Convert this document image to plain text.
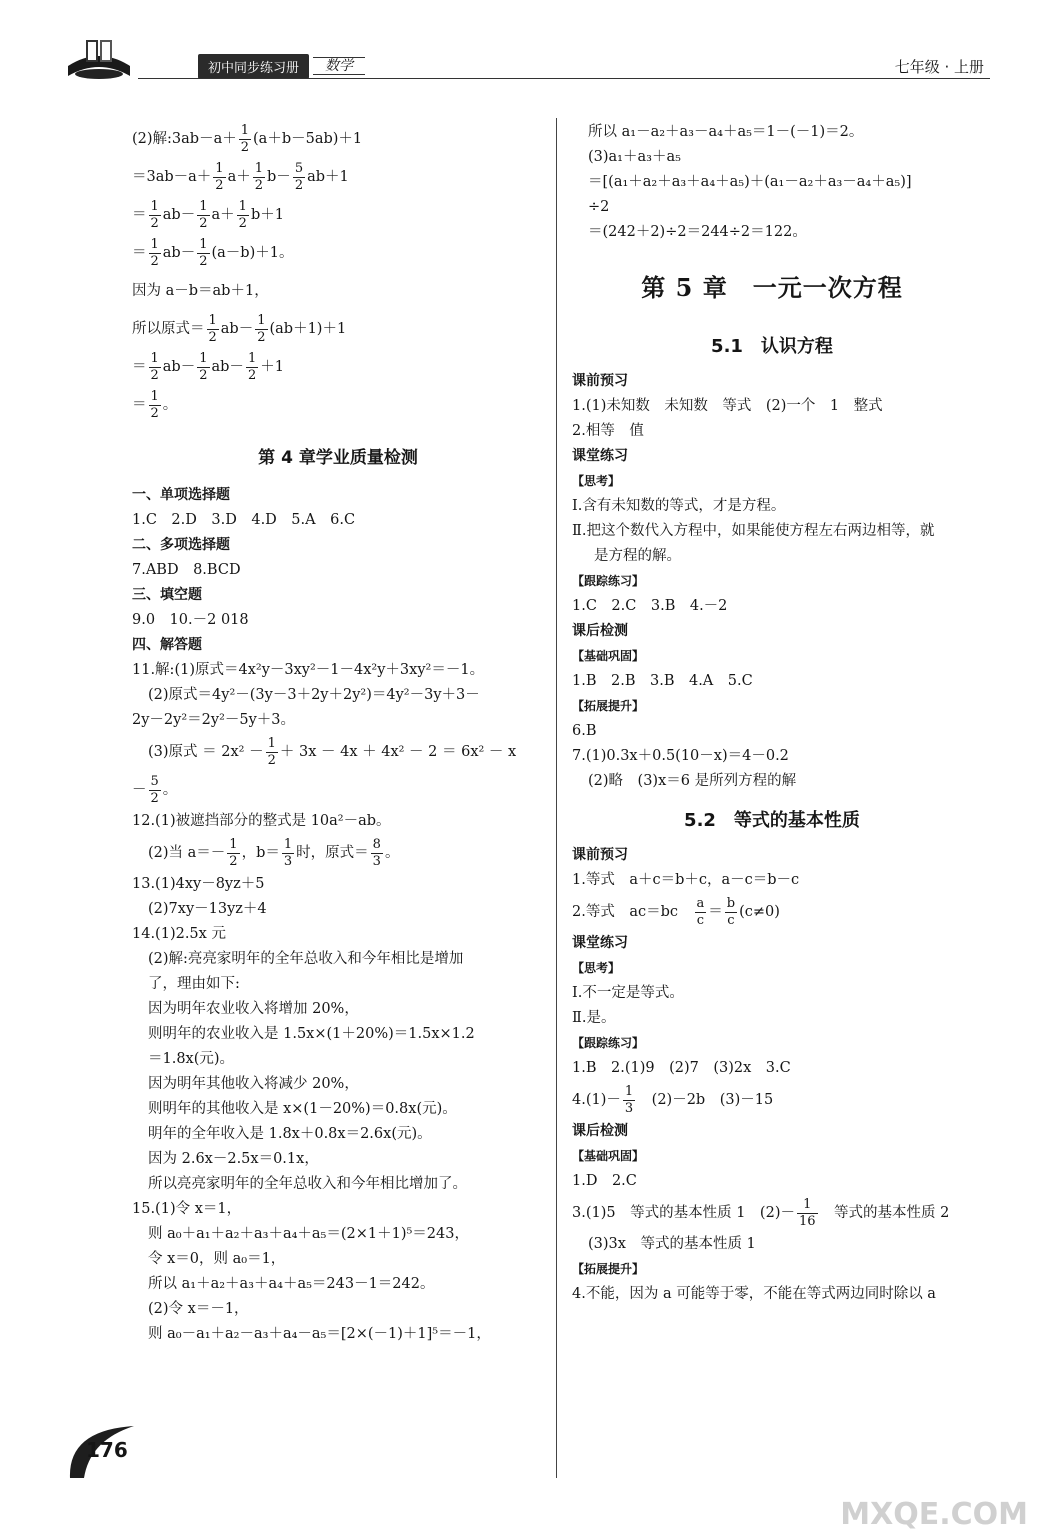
初中同步练习册	数学	七年级 · 上册
(2)解:3ab－a＋ $\frac{1}{2} (a+b-5ab)+1$
$=3ab-a+ \frac{1}{2} a+ \frac{1}{2} b- \frac{5}{2} ab+1$
＝ $\frac{1}{2} ab- \frac{1}{2} a+ \frac{1}{2} b+1$
＝ $\frac{1}{2} ab- \frac{1}{2} (a-b)+1$。
因为 a－b＝ab＋1，
所以原式＝ $\frac{1}{2} ab- \frac{1}{2} (ab+1)+1$
＝ $\frac{1}{2} ab- \frac{1}{2} ab- \frac{1}{2} +1$
＝ $\frac{1}{2}$ 。
第 4 章学业质量检测
一、单项选择题
1.C　2.D　3.D　4.D　5.A　6.C
二、多项选择题
7.ABD　8.BCD
三、填空题
9.0　10.－2 018
四、解答题
11.解:(1)原式＝4x²y－3xy²－1－4x²y＋3xy²＝－1。
(2)原式＝4y²－(3y－3＋2y＋2y²)＝4y²－3y＋3－
2y－2y²＝2y²－5y＋3。
(3)原式 ＝ $2x^2 - \frac{1}{2} + 3x - 4x + 4x^2 - 2 = 6x^2 - x$
－ $\frac{5}{2}$ 。
12.(1)被遮挡部分的整式是 10a²－ab。
(2)当 $a=- \frac{1}{2}$ ，$b= \frac{1}{3}$ 时，原式＝ $\frac{8}{3}$ 。
13.(1)4xy－8yz＋5
(2)7xy－13yz＋4
14.(1)2.5x 元
(2)解:亮亮家明年的全年总收入和今年相比是增加
了，理由如下:
因为明年农业收入将增加 20%，
则明年的农业收入是 1.5x×(1＋20%)＝1.5x×1.2
＝1.8x(元)。
因为明年其他收入将减少 20%，
则明年的其他收入是 x×(1－20%)＝0.8x(元)。
明年的全年收入是 1.8x＋0.8x＝2.6x(元)。
因为 2.6x－2.5x＝0.1x，
所以亮亮家明年的全年总收入和今年相比增加了。
15.(1)令 x＝1，
则 a₀＋a₁＋a₂＋a₃＋a₄＋a₅＝(2×1＋1)⁵＝243，
令 x＝0，则 a₀＝1，
所以 a₁＋a₂＋a₃＋a₄＋a₅＝243－1＝242。
(2)令 x＝－1，
则 a₀－a₁＋a₂－a₃＋a₄－a₅＝[2×(－1)＋1]⁵＝－1，
所以 a₁－a₂＋a₃－a₄＋a₅＝1－(－1)＝2。
(3)a₁＋a₃＋a₅
＝[(a₁＋a₂＋a₃＋a₄＋a₅)＋(a₁－a₂＋a₃－a₄＋a₅)]
÷2
＝(242＋2)÷2＝244÷2＝122。
第 5 章　一元一次方程
5.1　认识方程
课前预习
1.(1)未知数　未知数　等式　(2)一个　1　整式
2.相等　值
课堂练习
【思考】
Ⅰ.含有未知数的等式，才是方程。
Ⅱ.把这个数代入方程中，如果能使方程左右两边相等，就
是方程的解。
【跟踪练习】
1.C　2.C　3.B　4.－2
课后检测
【基础巩固】
1.B　2.B　3.B　4.A　5.C
【拓展提升】
6.B
7.(1)0.3x＋0.5(10－x)＝4－0.2
(2)略　(3)x＝6 是所列方程的解
5.2　等式的基本性质
课前预习
1.等式　a＋c＝b＋c，a－c＝b－c
2.等式　ac＝bc　 $\frac{a}{c} = \frac{b}{c} (c\ne 0)$
课堂练习
【思考】
Ⅰ.不一定是等式。
Ⅱ.是。
【跟踪练习】
1.B　2.(1)9　(2)7　(3)2x　3.C
$4.(1)- \frac{1}{3}$
　 (2)－2b　(3)－15
课后检测
【基础巩固】
1.D　2.C
3.(1)5　等式的基本性质 1　$(2)- \frac{1}{16}$ 　等式的基本性质 2
(3)3x　等式的基本性质 1
【拓展提升】
4.不能，因为 a 可能等于零，不能在等式两边同时除以 a
176
MXQE.COM
